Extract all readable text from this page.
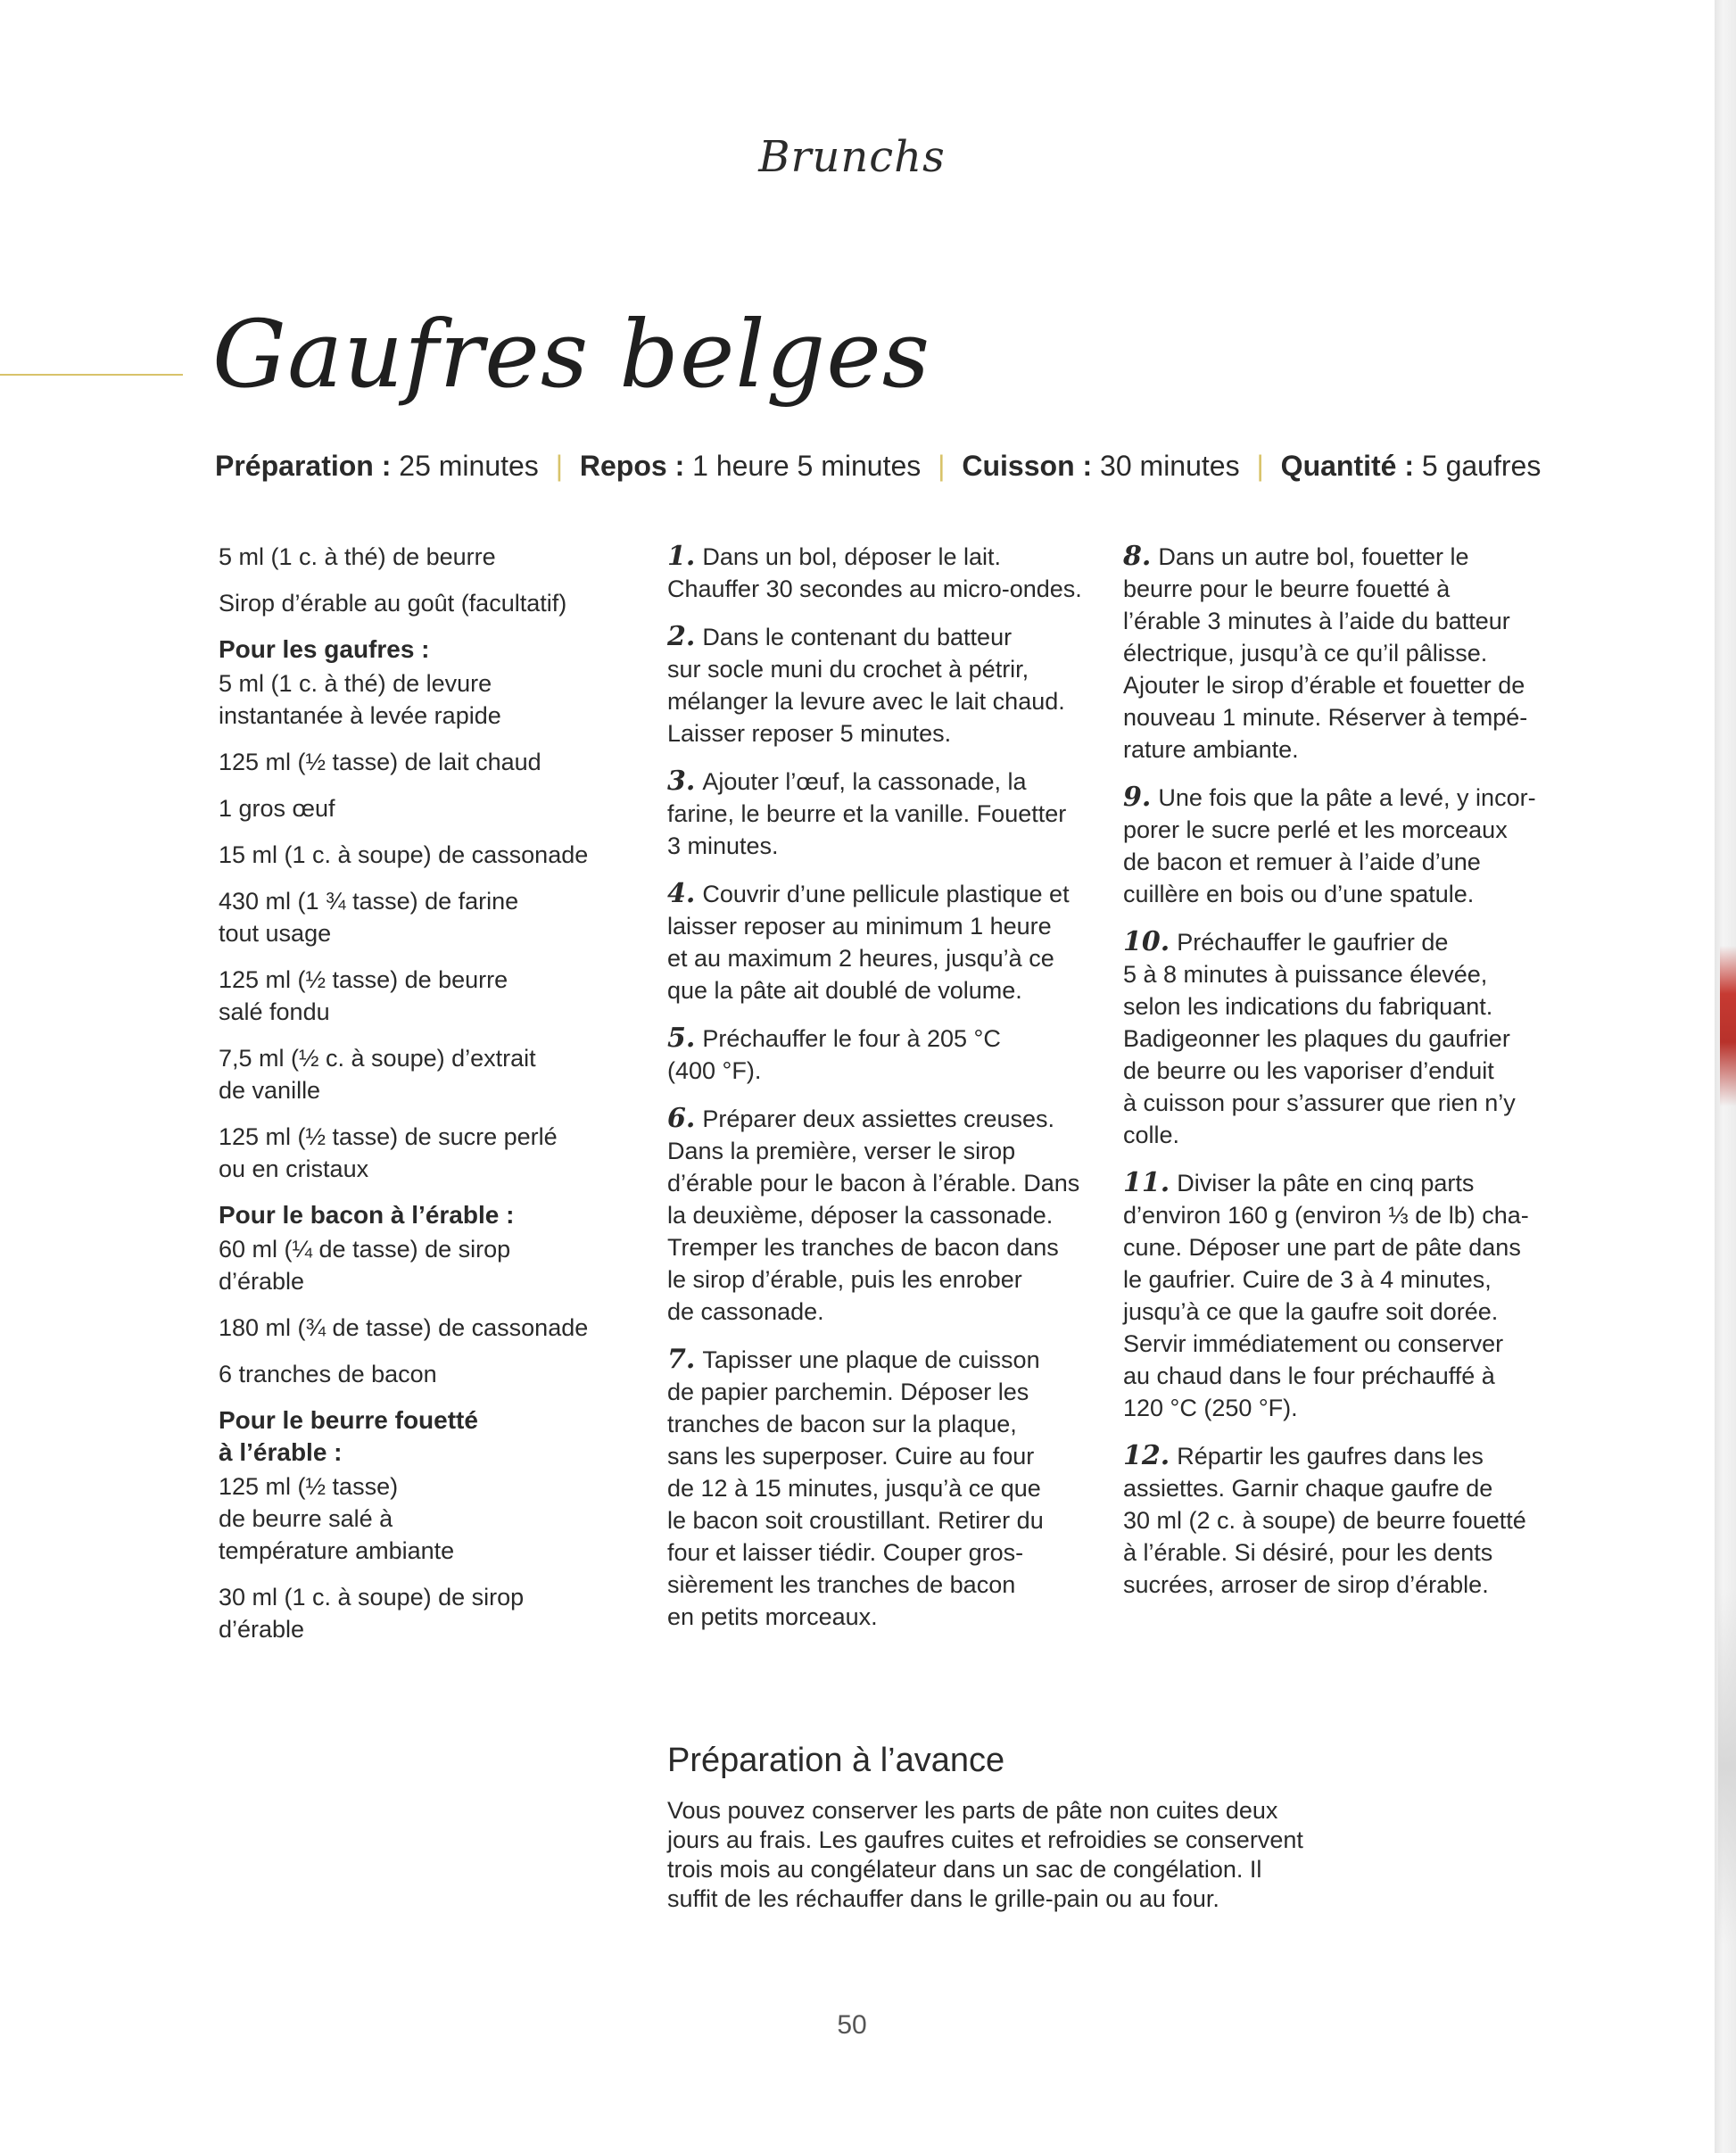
Brunchs
Gaufres belges
Préparation : 25 minutes | Repos : 1 heure 5 minutes | Cuisson : 30 minutes | Quantité : 5 gaufres
5 ml (1 c. à thé) de beurre
Sirop d’érable au goût (facultatif)
Pour les gaufres :
5 ml (1 c. à thé) de levure
instantanée à levée rapide
125 ml (½ tasse) de lait chaud
1 gros œuf
15 ml (1 c. à soupe) de cassonade
430 ml (1 ¾ tasse) de farine
tout usage
125 ml (½ tasse) de beurre
salé fondu
7,5 ml (½ c. à soupe) d’extrait
de vanille
125 ml (½ tasse) de sucre perlé
ou en cristaux
Pour le bacon à l’érable :
60 ml (¼ de tasse) de sirop
d’érable
180 ml (¾ de tasse) de cassonade
6 tranches de bacon
Pour le beurre fouetté
à l’érable :
125 ml (½ tasse)
de beurre salé à
température ambiante
30 ml (1 c. à soupe) de sirop
d’érable
1. Dans un bol, déposer le lait.
Chauffer 30 secondes au micro-ondes.
2. Dans le contenant du batteur
sur socle muni du crochet à pétrir,
mélanger la levure avec le lait chaud.
Laisser reposer 5 minutes.
3. Ajouter l’œuf, la cassonade, la
farine, le beurre et la vanille. Fouetter
3 minutes.
4. Couvrir d’une pellicule plastique et
laisser reposer au minimum 1 heure
et au maximum 2 heures, jusqu’à ce
que la pâte ait doublé de volume.
5. Préchauffer le four à 205 °C
(400 °F).
6. Préparer deux assiettes creuses.
Dans la première, verser le sirop
d’érable pour le bacon à l’érable. Dans
la deuxième, déposer la cassonade.
Tremper les tranches de bacon dans
le sirop d’érable, puis les enrober
de cassonade.
7. Tapisser une plaque de cuisson
de papier parchemin. Déposer les
tranches de bacon sur la plaque,
sans les superposer. Cuire au four
de 12 à 15 minutes, jusqu’à ce que
le bacon soit croustillant. Retirer du
four et laisser tiédir. Couper gros-
sièrement les tranches de bacon
en petits morceaux.
8. Dans un autre bol, fouetter le
beurre pour le beurre fouetté à
l’érable 3 minutes à l’aide du batteur
électrique, jusqu’à ce qu’il pâlisse.
Ajouter le sirop d’érable et fouetter de
nouveau 1 minute. Réserver à tempé-
rature ambiante.
9. Une fois que la pâte a levé, y incor-
porer le sucre perlé et les morceaux
de bacon et remuer à l’aide d’une
cuillère en bois ou d’une spatule.
10. Préchauffer le gaufrier de
5 à 8 minutes à puissance élevée,
selon les indications du fabriquant.
Badigeonner les plaques du gaufrier
de beurre ou les vaporiser d’enduit
à cuisson pour s’assurer que rien n’y
colle.
11. Diviser la pâte en cinq parts
d’environ 160 g (environ ⅓ de lb) cha-
cune. Déposer une part de pâte dans
le gaufrier. Cuire de 3 à 4 minutes,
jusqu’à ce que la gaufre soit dorée.
Servir immédiatement ou conserver
au chaud dans le four préchauffé à
120 °C (250 °F).
12. Répartir les gaufres dans les
assiettes. Garnir chaque gaufre de
30 ml (2 c. à soupe) de beurre fouetté
à l’érable. Si désiré, pour les dents
sucrées, arroser de sirop d’érable.
Préparation à l’avance

Vous pouvez conserver les parts de pâte non cuites deux
jours au frais. Les gaufres cuites et refroidies se conservent
trois mois au congélateur dans un sac de congélation. Il
suffit de les réchauffer dans le grille-pain ou au four.

50
